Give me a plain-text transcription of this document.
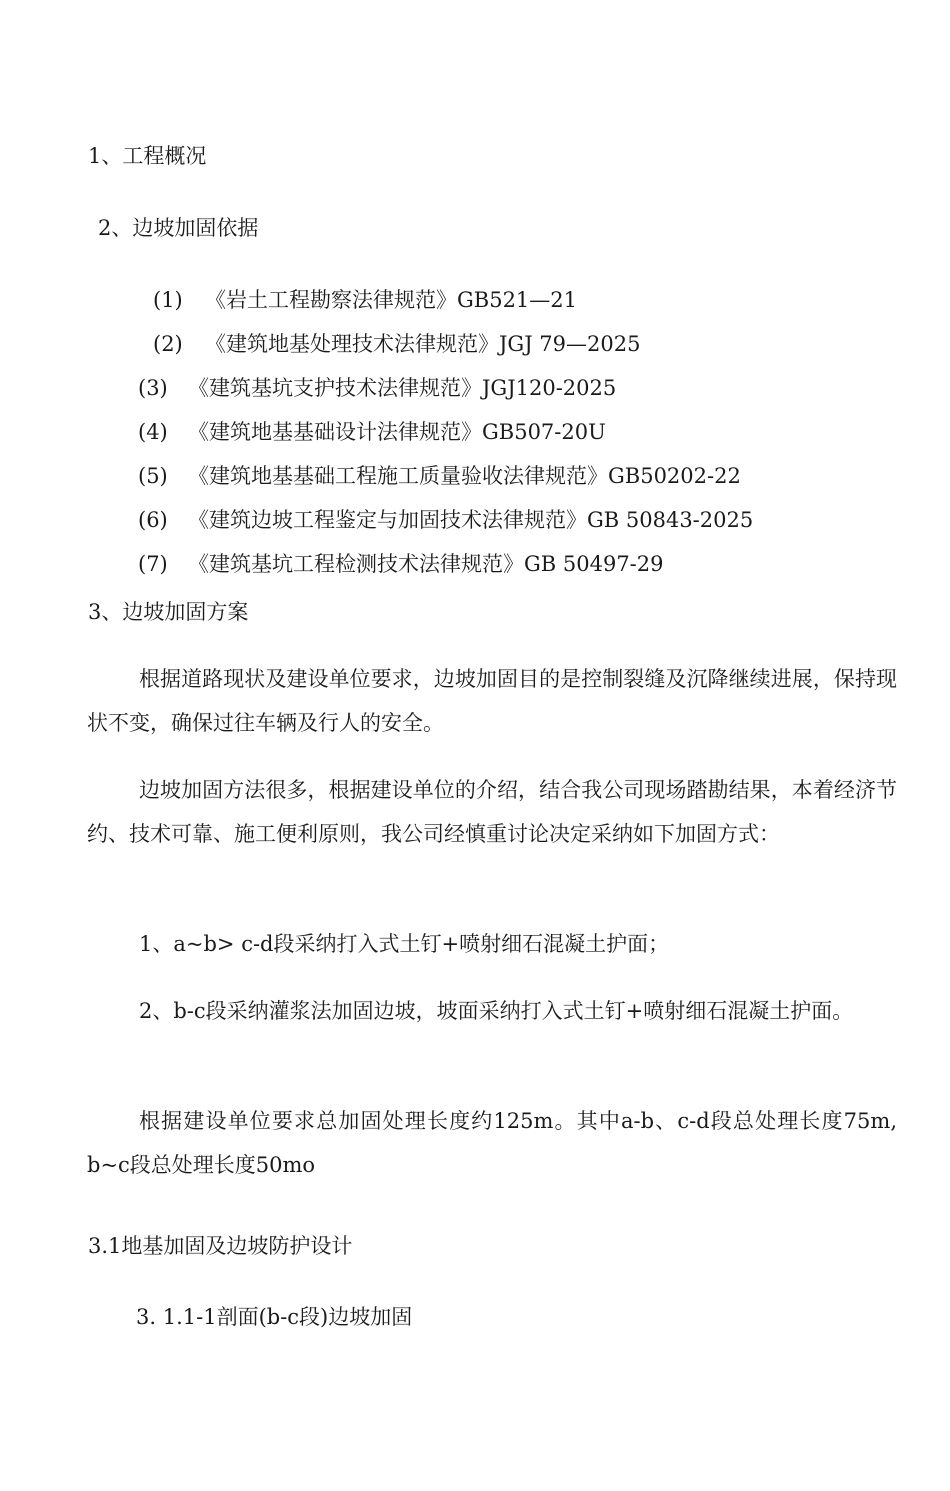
1、工程概况
2、边坡加固依据
(1) 《岩土工程勘察法律规范》GB521—21
(2) 《建筑地基处理技术法律规范》JGJ 79—2025
(3) 《建筑基坑支护技术法律规范》JGJ120-2025
(4) 《建筑地基基础设计法律规范》GB507-20U
(5) 《建筑地基基础工程施工质量验收法律规范》GB50202-22
(6) 《建筑边坡工程鉴定与加固技术法律规范》GB 50843-2025
(7) 《建筑基坑工程检测技术法律规范》GB 50497-29
3、边坡加固方案
根据道路现状及建设单位要求，边坡加固目的是控制裂缝及沉降继续进展，保持现状不变，确保过往车辆及行人的安全。
边坡加固方法很多，根据建设单位的介绍，结合我公司现场踏勘结果，本着经济节约、技术可靠、施工便利原则，我公司经慎重讨论决定采纳如下加固方式：
1、a~b> c-d段采纳打入式土钉+喷射细石混凝土护面；
2、b-c段采纳灌浆法加固边坡，坡面采纳打入式土钉+喷射细石混凝土护面。
根据建设单位要求总加固处理长度约125m。其中a-b、c-d段总处理长度75m, b~c段总处理长度50mo
3.1地基加固及边坡防护设计
3. 1.1-1剖面(b-c段)边坡加固
